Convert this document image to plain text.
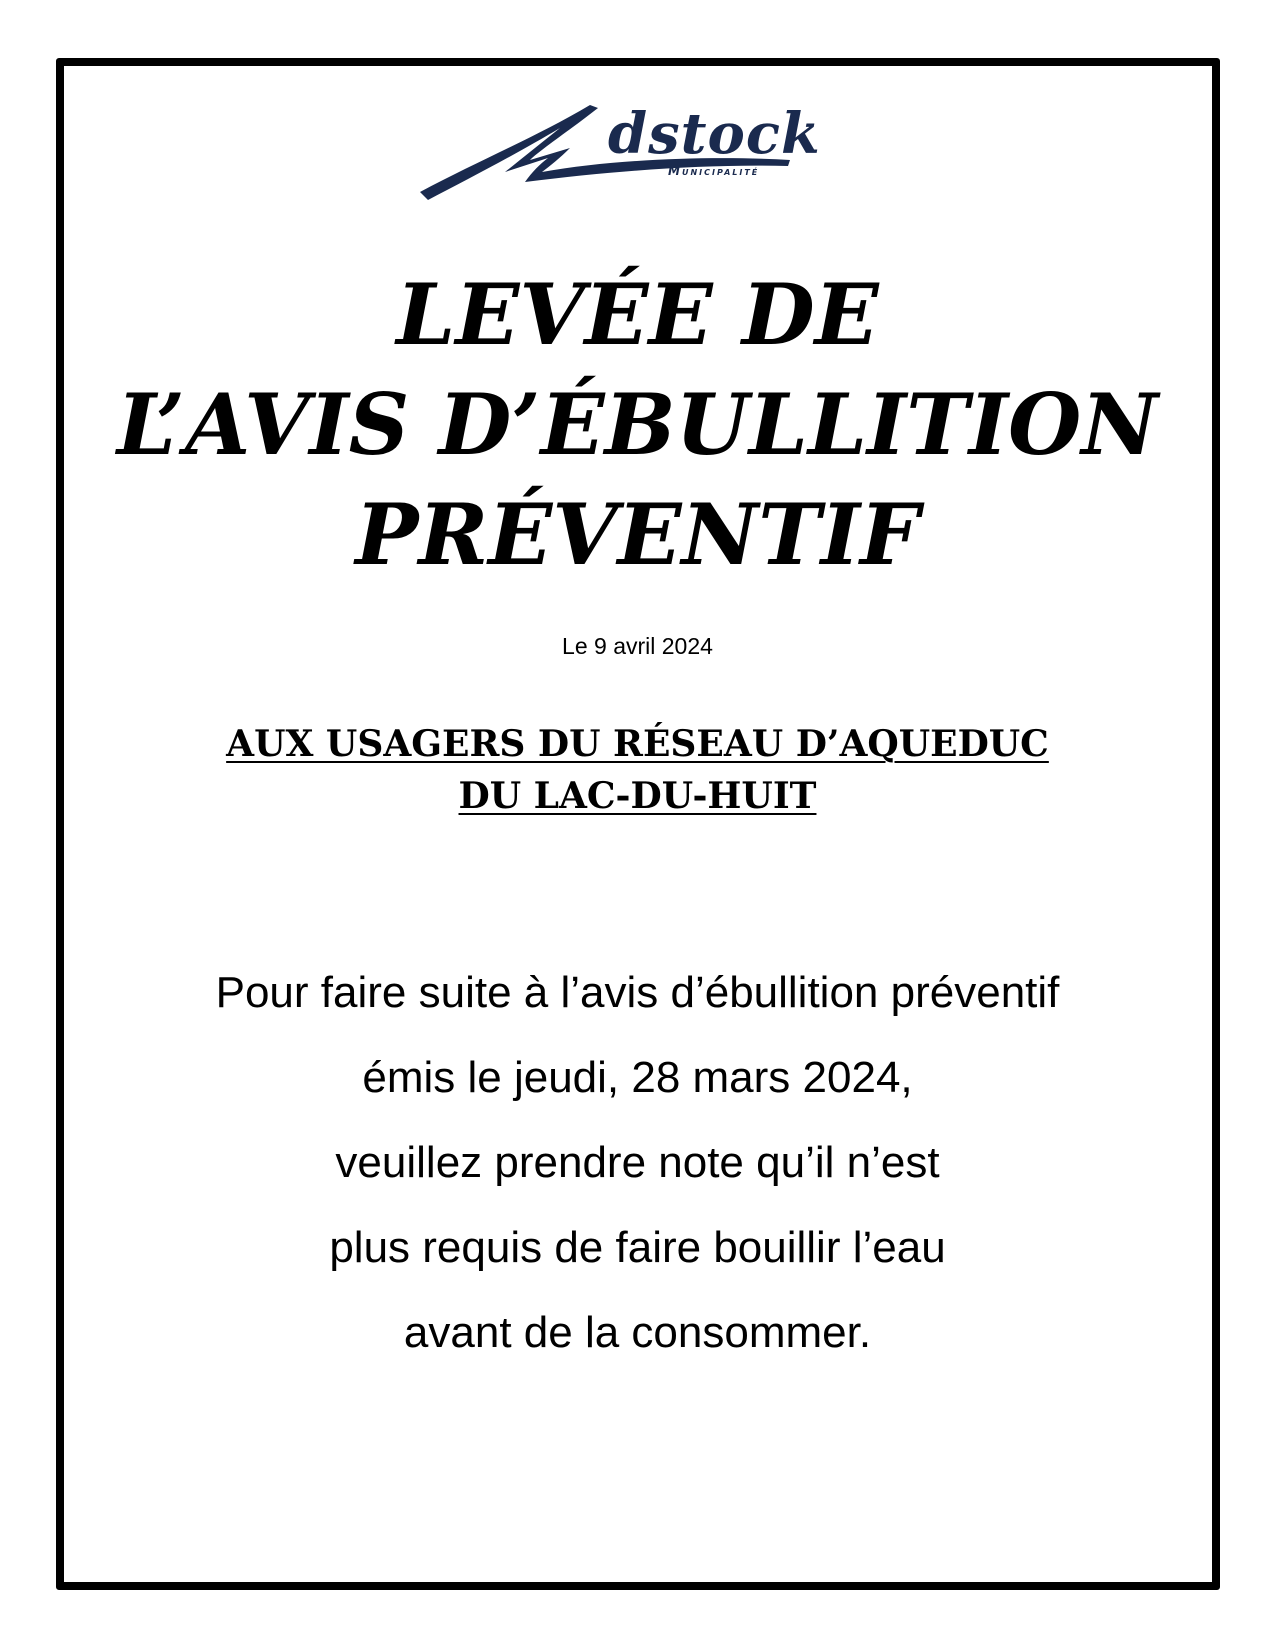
dstock
Municipalité
LEVÉE DE
L’AVIS D’ÉBULLITION
PRÉVENTIF
Le 9 avril 2024
AUX USAGERS DU RÉSEAU D’AQUEDUC
DU LAC-DU-HUIT
Pour faire suite à l’avis d’ébullition préventif
émis le jeudi, 28 mars 2024,
veuillez prendre note qu’il n’est
plus requis de faire bouillir l’eau
avant de la consommer.
